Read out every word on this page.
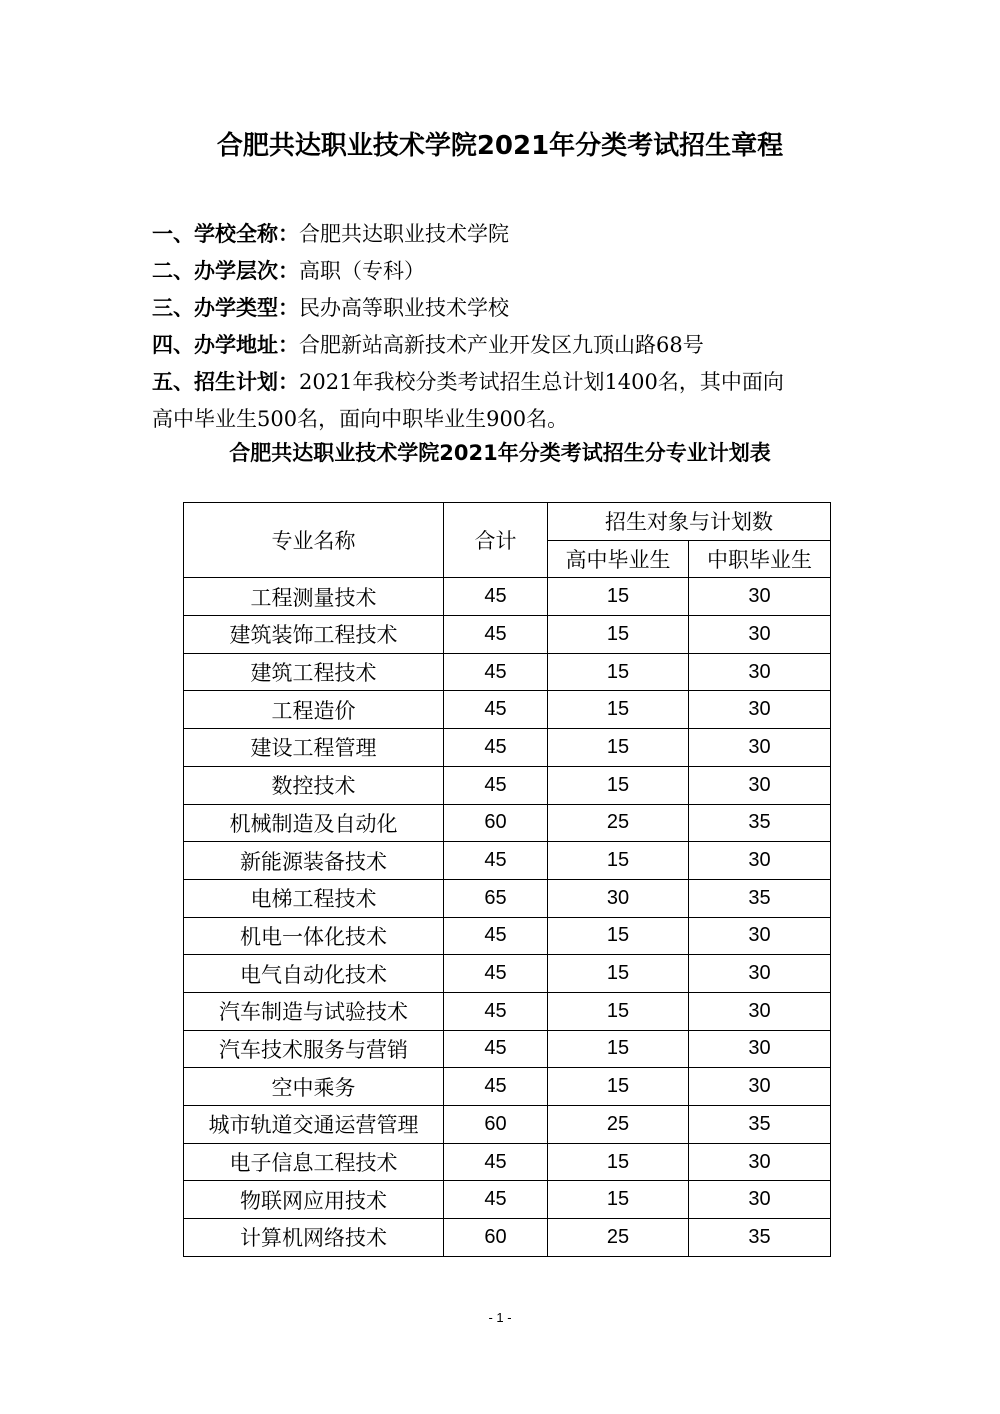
合肥共达职业技术学院2021年分类考试招生章程
一、学校全称：合肥共达职业技术学院
二、办学层次：高职（专科）
三、办学类型：民办高等职业技术学校
四、办学地址：合肥新站高新技术产业开发区九顶山路68号
五、招生计划：2021年我校分类考试招生总计划1400名，其中面向
高中毕业生500名，面向中职毕业生900名。
合肥共达职业技术学院2021年分类考试招生分专业计划表
专业名称	合计	招生对象与计划数	
		高中毕业生	中职毕业生
工程测量技术	45	15	30
建筑装饰工程技术	45	15	30
建筑工程技术	45	15	30
工程造价	45	15	30
建设工程管理	45	15	30
数控技术	45	15	30
机械制造及自动化	60	25	35
新能源装备技术	45	15	30
电梯工程技术	65	30	35
机电一体化技术	45	15	30
电气自动化技术	45	15	30
汽车制造与试验技术	45	15	30
汽车技术服务与营销	45	15	30
空中乘务	45	15	30
城市轨道交通运营管理	60	25	35
电子信息工程技术	45	15	30
物联网应用技术	45	15	30
计算机网络技术	60	25	35
- 1 -
